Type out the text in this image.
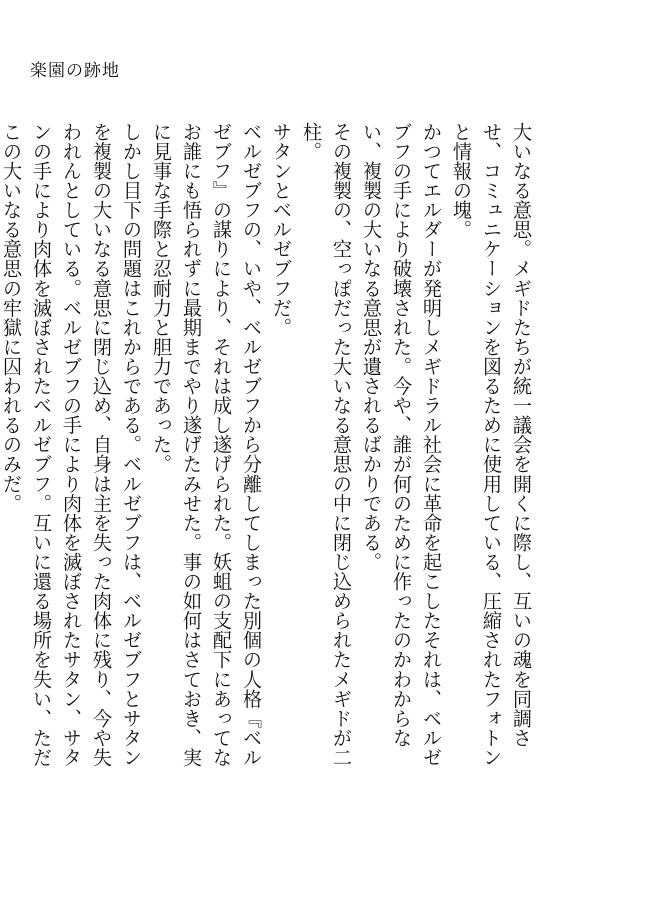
楽園の跡地

大いなる意思。メギドたちが統一議会を開くに際し、互いの魂を同調させ、コミュニケーションを図るために使用している、圧縮されたフォトンと情報の塊。

かつてエルダーが発明しメギドラル社会に革命を起こしたそれは、ベルゼブフの手により破壊された。今や、誰が何のために作ったのかわからない、複製の大いなる意思が遺されるばかりである。

その複製の、空っぽだった大いなる意思の中に閉じ込められたメギドが二柱。

サタンとベルゼブフだ。

ベルゼブフの、いや、ベルゼブフから分離してしまった別個の人格『ベルゼブフ』の謀りにより、それは成し遂げられた。妖蛆の支配下にあってなお誰にも悟られずに最期までやり遂げたみせた。事の如何はさておき、実に見事な手際と忍耐力と胆力であった。

しかし目下の問題はこれからである。ベルゼブフは、ベルゼブフとサタンを複製の大いなる意思に閉じ込め、自身は主を失った肉体に残り、今や失われんとしている。ベルゼブフの手により肉体を滅ぼされたサタン、サタンの手により肉体を滅ぼされたベルゼブフ。互いに還る場所を失い、ただこの大いなる意思の牢獄に囚われるのみだ。
